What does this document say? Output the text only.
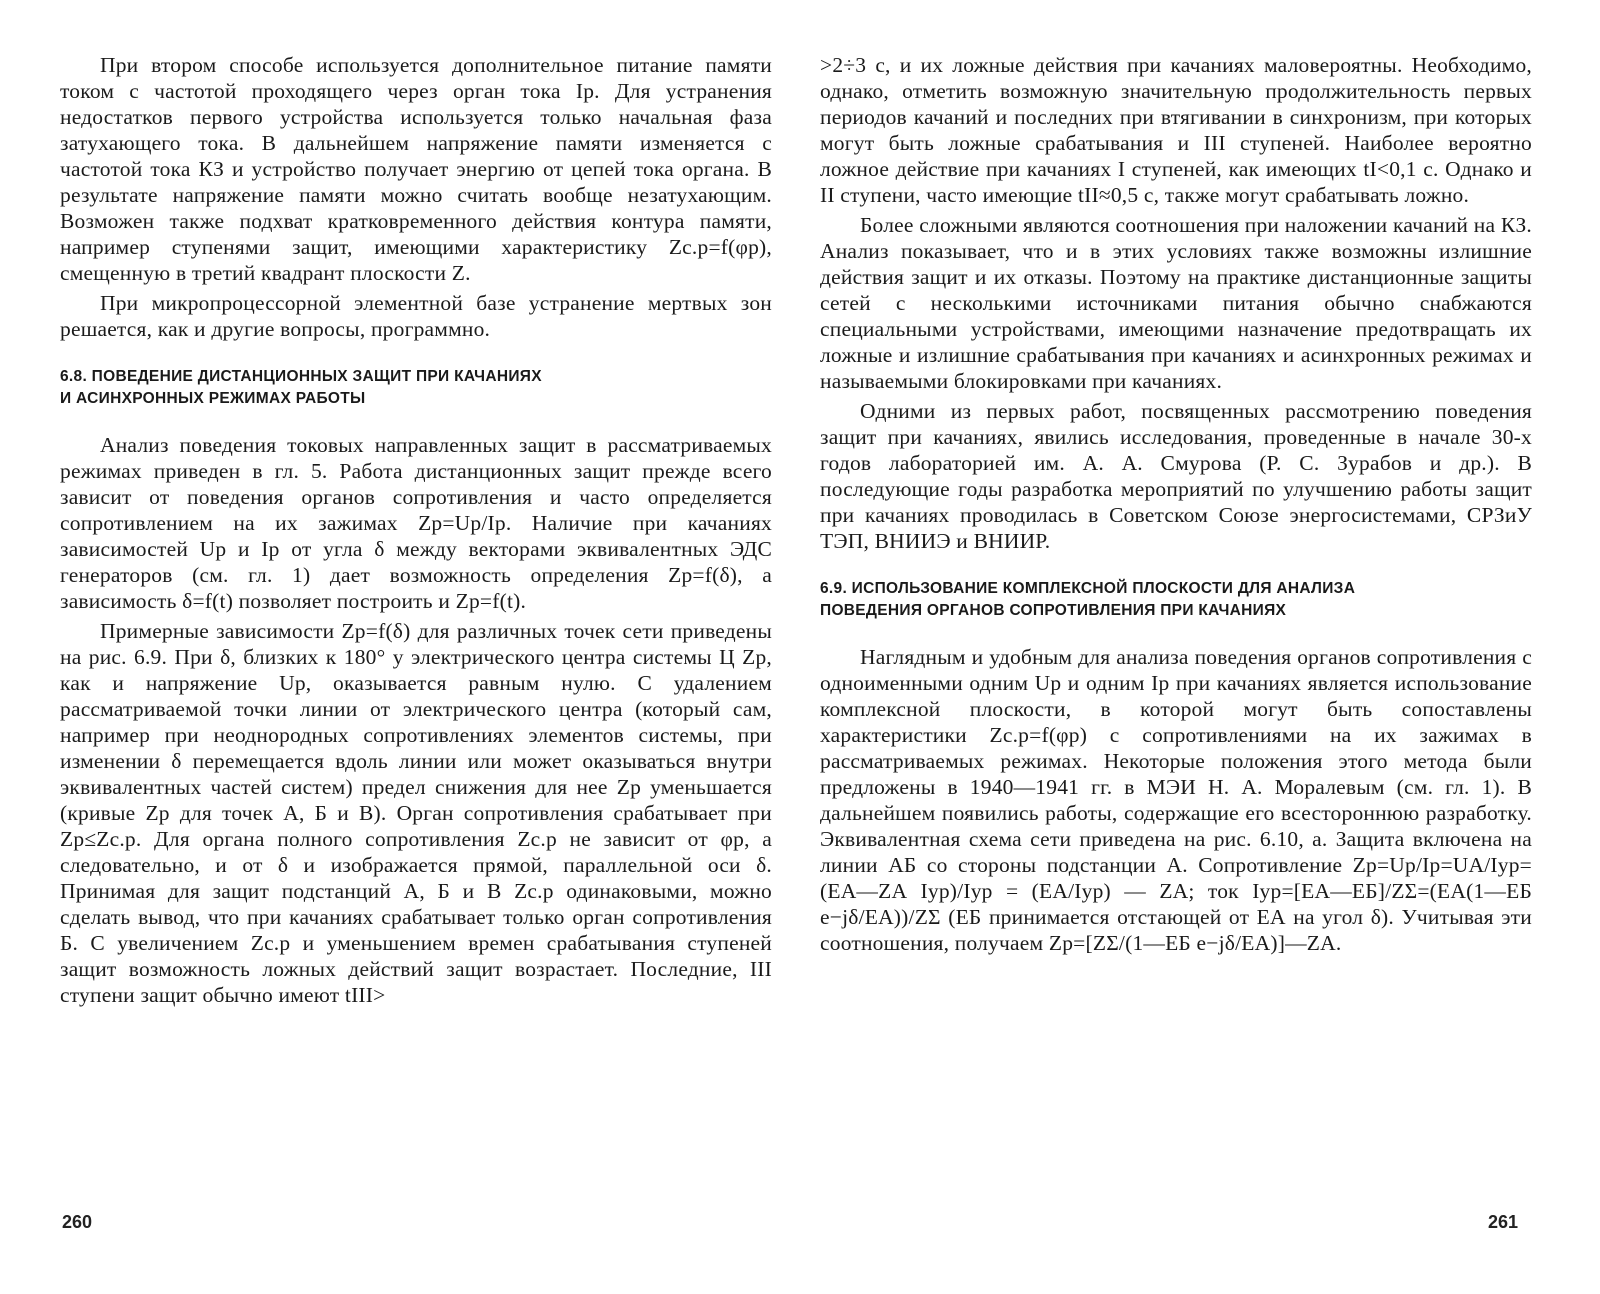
При втором способе используется дополнительное питание памяти током с частотой проходящего через орган тока Iр. Для устранения недостатков первого устройства используется только начальная фаза затухающего тока. В дальнейшем напряжение памяти изменяется с частотой тока КЗ и устройство получает энергию от цепей тока органа. В результате напряжение памяти можно считать вообще незатухающим. Возможен также подхват кратковременного действия контура памяти, например ступенями защит, имеющими характеристику Zс.р=f(φр), смещенную в третий квадрант плоскости Z.

При микропроцессорной элементной базе устранение мертвых зон решается, как и другие вопросы, программно.

6.8. ПОВЕДЕНИЕ ДИСТАНЦИОННЫХ ЗАЩИТ ПРИ КАЧАНИЯХ
И АСИНХРОННЫХ РЕЖИМАХ РАБОТЫ

Анализ поведения токовых направленных защит в рассматриваемых режимах приведен в гл. 5. Работа дистанционных защит прежде всего зависит от поведения органов сопротивления и часто определяется сопротивлением на их зажимах Zр=Uр/Iр. Наличие при качаниях зависимостей Uр и Iр от угла δ между векторами эквивалентных ЭДС генераторов (см. гл. 1) дает возможность определения Zр=f(δ), а зависимость δ=f(t) позволяет построить и Zр=f(t).

Примерные зависимости Zр=f(δ) для различных точек сети приведены на рис. 6.9. При δ, близких к 180° у электрического центра системы Ц Zр, как и напряжение Uр, оказывается равным нулю. С удалением рассматриваемой точки линии от электрического центра (который сам, например при неоднородных сопротивлениях элементов системы, при изменении δ перемещается вдоль линии или может оказываться внутри эквивалентных частей систем) предел снижения для нее Zр уменьшается (кривые Zр для точек А, Б и В). Орган сопротивления срабатывает при Zр≤Zс.р. Для органа полного сопротивления Zс.р не зависит от φр, а следовательно, и от δ и изображается прямой, параллельной оси δ. Принимая для защит подстанций А, Б и В Zс.р одинаковыми, можно сделать вывод, что при качаниях срабатывает только орган сопротивления Б. С увеличением Zс.р и уменьшением времен срабатывания ступеней защит возможность ложных действий защит возрастает. Последние, III ступени защит обычно имеют tIII>

260

>2÷3 с, и их ложные действия при качаниях маловероятны. Необходимо, однако, отметить возможную значительную продолжительность первых периодов качаний и последних при втягивании в синхронизм, при которых могут быть ложные срабатывания и III ступеней. Наиболее вероятно ложное действие при качаниях I ступеней, как имеющих tI<0,1 с. Однако и II ступени, часто имеющие tII≈0,5 с, также могут срабатывать ложно.

Более сложными являются соотношения при наложении качаний на КЗ. Анализ показывает, что и в этих условиях также возможны излишние действия защит и их отказы. Поэтому на практике дистанционные защиты сетей с несколькими источниками питания обычно снабжаются специальными устройствами, имеющими назначение предотвращать их ложные и излишние срабатывания при качаниях и асинхронных режимах и называемыми блокировками при качаниях.

Одними из первых работ, посвященных рассмотрению поведения защит при качаниях, явились исследования, проведенные в начале 30-х годов лабораторией им. А. А. Смурова (Р. С. Зурабов и др.). В последующие годы разработка мероприятий по улучшению работы защит при качаниях проводилась в Советском Союзе энергосистемами, СРЗиУ ТЭП, ВНИИЭ и ВНИИР.

6.9. ИСПОЛЬЗОВАНИЕ КОМПЛЕКСНОЙ ПЛОСКОСТИ ДЛЯ АНАЛИЗА
ПОВЕДЕНИЯ ОРГАНОВ СОПРОТИВЛЕНИЯ ПРИ КАЧАНИЯХ

Наглядным и удобным для анализа поведения органов сопротивления с одноименными одним Uр и одним Iр при качаниях является использование комплексной плоскости, в которой могут быть сопоставлены характеристики Zс.р=f(φр) с сопротивлениями на их зажимах в рассматриваемых режимах. Некоторые положения этого метода были предложены в 1940—1941 гг. в МЭИ Н. А. Моралевым (см. гл. 1). В дальнейшем появились работы, содержащие его всестороннюю разработку. Эквивалентная схема сети приведена на рис. 6.10, а. Защита включена на линии АБ со стороны подстанции А. Сопротивление Zр=Uр/Iр=UА/Iур=(EА—ZА Iур)/Iур = (EА/Iур) — ZА; ток Iур=[EА—EБ]/ZΣ=(EА(1—EБ e−jδ/EА))/ZΣ (EБ принимается отстающей от EА на угол δ). Учитывая эти соотношения, получаем Zр=[ZΣ/(1—EБ e−jδ/EА)]—ZА.

261
